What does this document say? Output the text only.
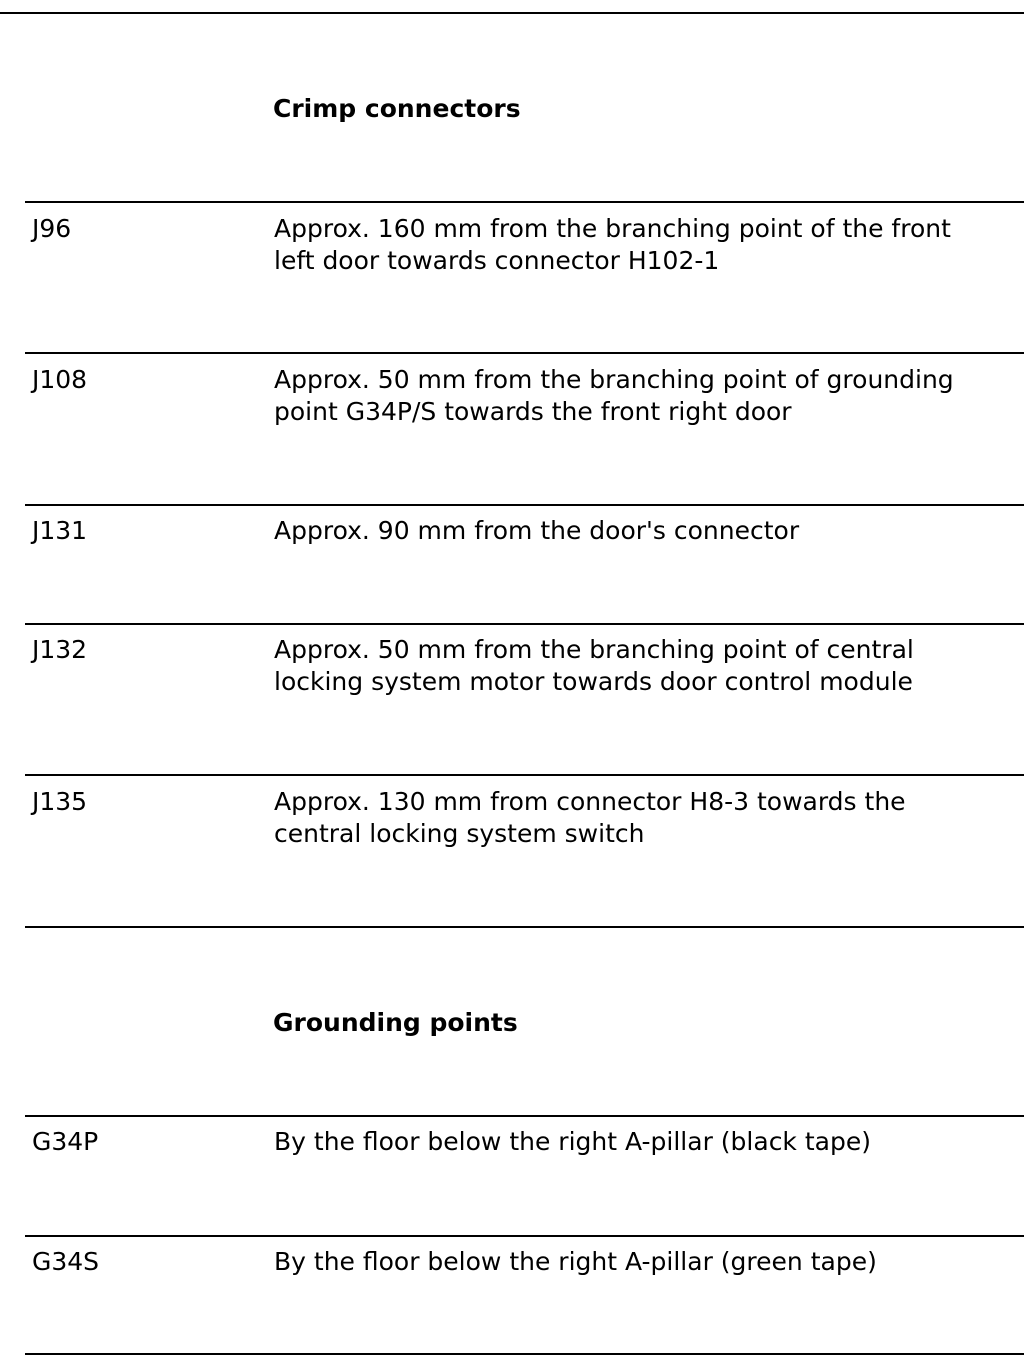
Crimp connectors
J96	Approx. 160 mm from the branching point of the front
left door towards connector H102-1
J108	Approx. 50 mm from the branching point of grounding
point G34P/S towards the front right door
J131	Approx. 90 mm from the door's connector
J132	Approx. 50 mm from the branching point of central
locking system motor towards door control module
J135	Approx. 130 mm from connector H8-3 towards the
central locking system switch
Grounding points
G34P	By the floor below the right A-pillar (black tape)
G34S	By the floor below the right A-pillar (green tape)
